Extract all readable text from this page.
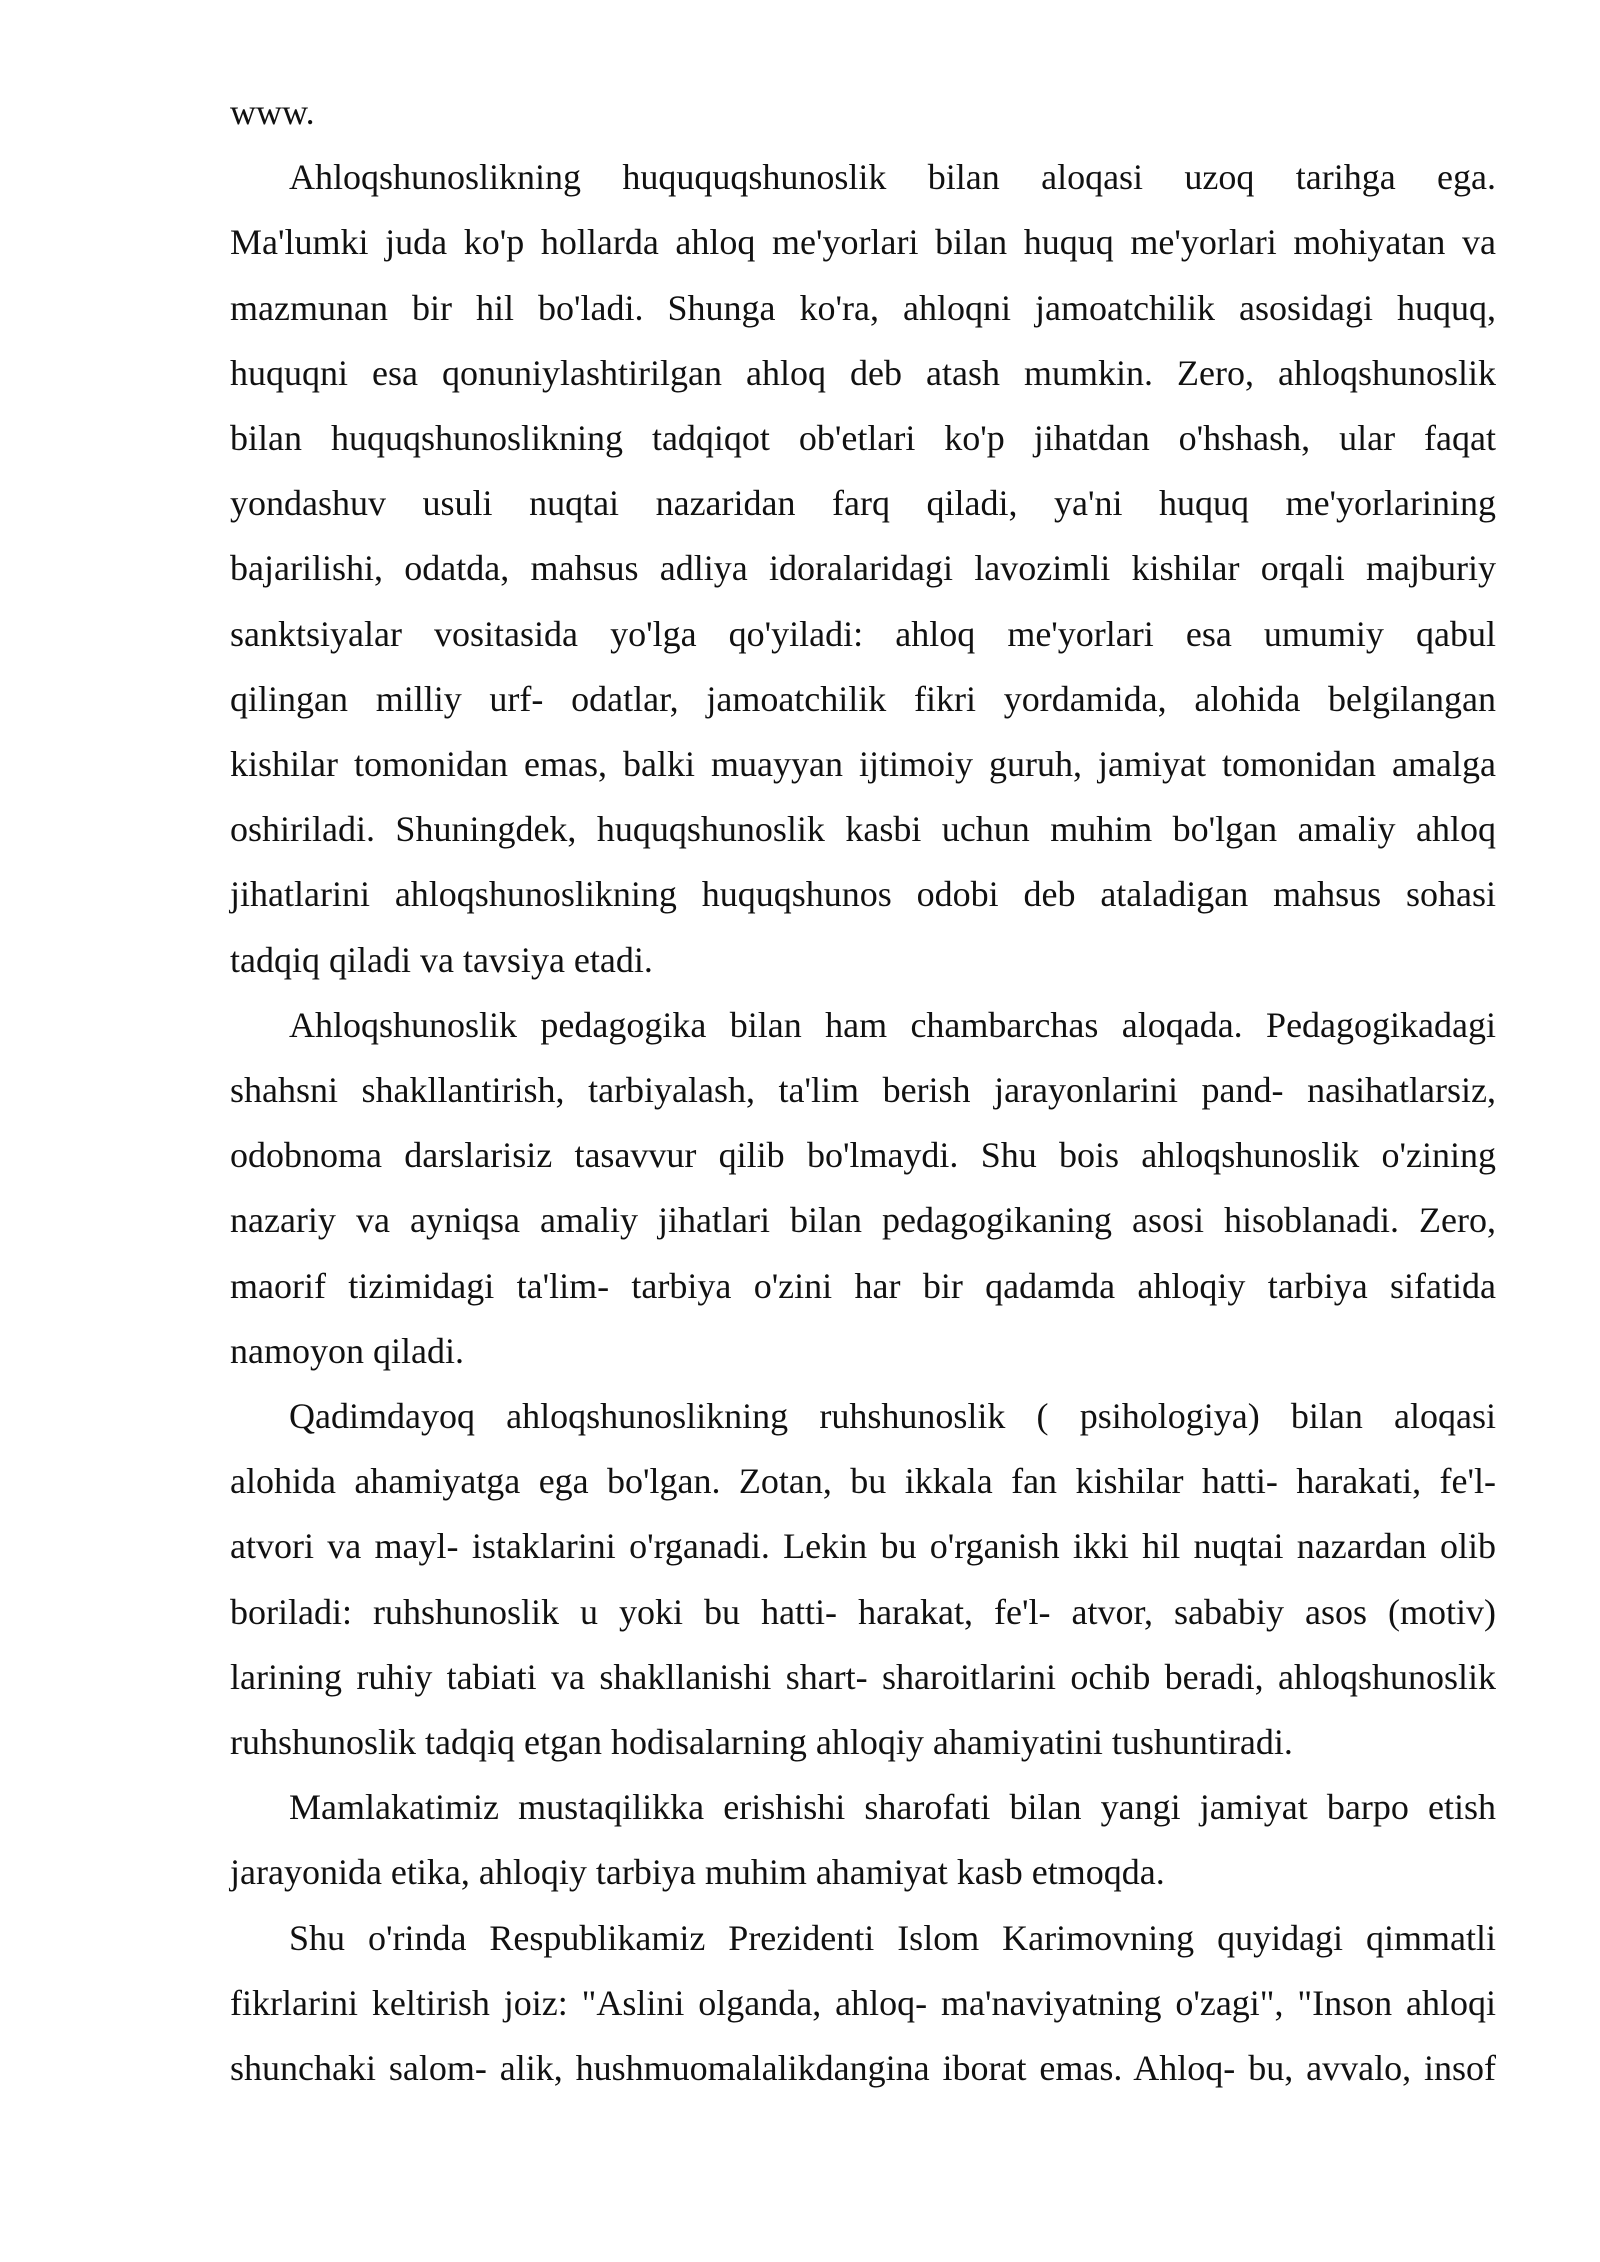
www.
Ahloqshunoslikning huququqshunoslik bilan aloqasi uzoq tarihga ega.
Ma'lumki juda ko'p hollarda ahloq me'yorlari bilan huquq me'yorlari mohiyatan va
mazmunan bir hil bo'ladi. Shunga ko'ra, ahloqni jamoatchilik asosidagi huquq,
huquqni esa qonuniylashtirilgan ahloq deb atash mumkin. Zero, ahloqshunoslik
bilan huquqshunoslikning tadqiqot ob'etlari ko'p jihatdan o'hshash, ular faqat
yondashuv usuli nuqtai nazaridan farq qiladi, ya'ni huquq me'yorlarining
bajarilishi, odatda, mahsus adliya idoralaridagi lavozimli kishilar orqali majburiy
sanktsiyalar vositasida yo'lga qo'yiladi: ahloq me'yorlari esa umumiy qabul
qilingan milliy urf- odatlar, jamoatchilik fikri yordamida, alohida belgilangan
kishilar tomonidan emas, balki muayyan ijtimoiy guruh, jamiyat tomonidan amalga
oshiriladi. Shuningdek, huquqshunoslik kasbi uchun muhim bo'lgan amaliy ahloq
jihatlarini ahloqshunoslikning huquqshunos odobi deb ataladigan mahsus sohasi
tadqiq qiladi va tavsiya etadi.
Ahloqshunoslik pedagogika bilan ham chambarchas aloqada. Pedagogikadagi
shahsni shakllantirish, tarbiyalash, ta'lim berish jarayonlarini pand- nasihatlarsiz,
odobnoma darslarisiz tasavvur qilib bo'lmaydi. Shu bois ahloqshunoslik o'zining
nazariy va ayniqsa amaliy jihatlari bilan pedagogikaning asosi hisoblanadi. Zero,
maorif tizimidagi ta'lim- tarbiya o'zini har bir qadamda ahloqiy tarbiya sifatida
namoyon qiladi.
Qadimdayoq ahloqshunoslikning ruhshunoslik ( psihologiya) bilan aloqasi
alohida ahamiyatga ega bo'lgan. Zotan, bu ikkala fan kishilar hatti- harakati, fe'l-
atvori va mayl- istaklarini o'rganadi. Lekin bu o'rganish ikki hil nuqtai nazardan olib
boriladi: ruhshunoslik u yoki bu hatti- harakat, fe'l- atvor, sababiy asos (motiv)
larining ruhiy tabiati va shakllanishi shart- sharoitlarini ochib beradi, ahloqshunoslik
ruhshunoslik tadqiq etgan hodisalarning ahloqiy ahamiyatini tushuntiradi.
Mamlakatimiz mustaqilikka erishishi sharofati bilan yangi jamiyat barpo etish
jarayonida etika, ahloqiy tarbiya muhim ahamiyat kasb etmoqda.
Shu o'rinda Respublikamiz Prezidenti Islom Karimovning quyidagi qimmatli
fikrlarini keltirish joiz: "Aslini olganda, ahloq- ma'naviyatning o'zagi", "Inson ahloqi
shunchaki salom- alik, hushmuomalalikdangina iborat emas. Ahloq- bu, avvalo, insof
